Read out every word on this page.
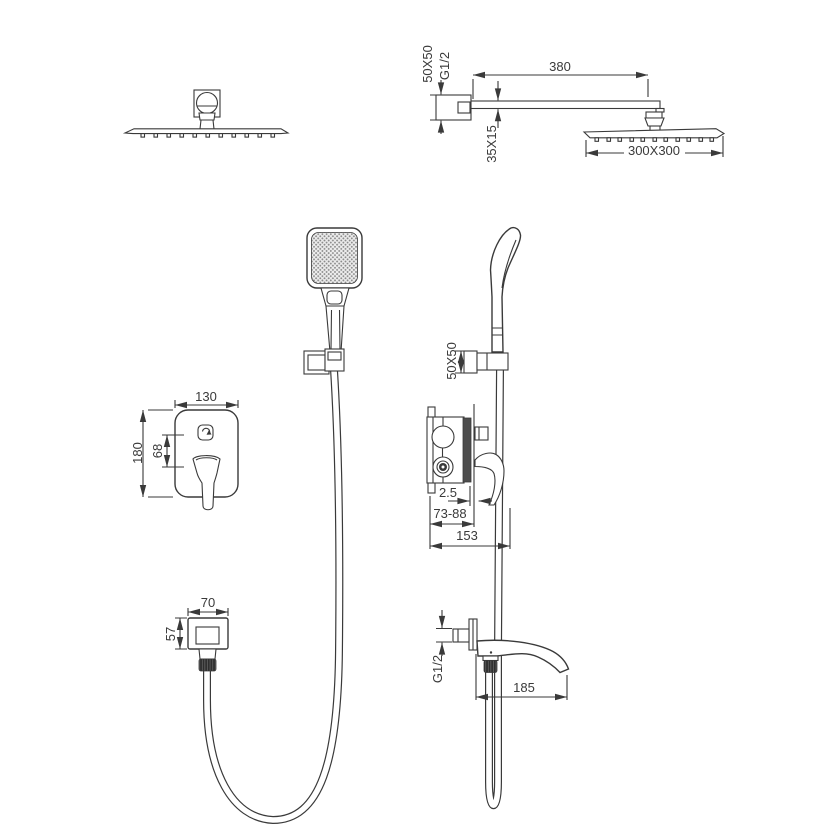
380
50X50 G1/2
35X15	300X300
50X50
130
180 68
2.5
73-88
153
70
57
G1/2
185
